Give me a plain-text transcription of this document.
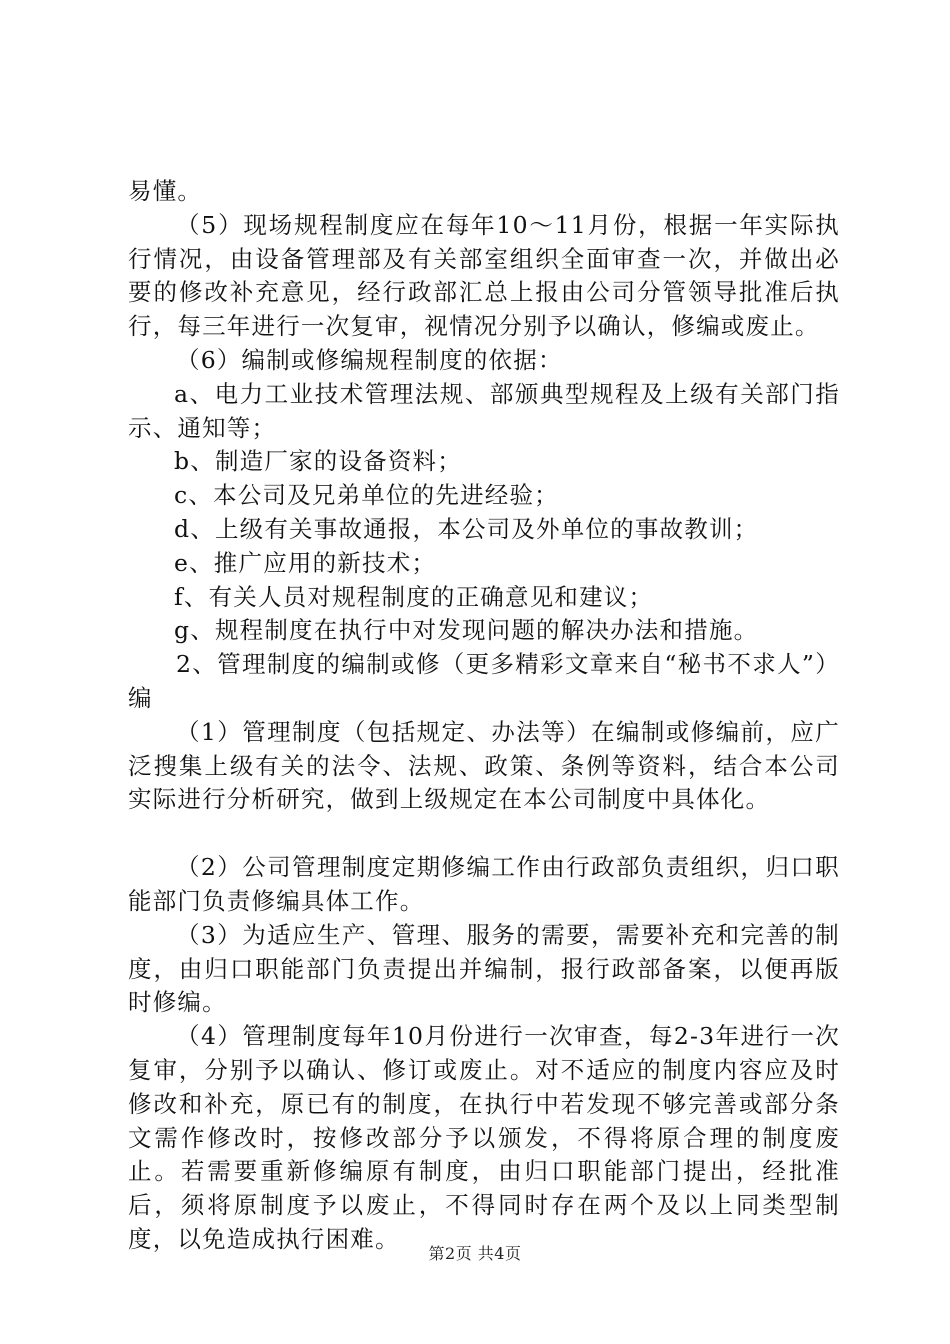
易懂。

（5）现场规程制度应在每年10～11月份，根据一年实际执行情况，由设备管理部及有关部室组织全面审查一次，并做出必要的修改补充意见，经行政部汇总上报由公司分管领导批准后执行，每三年进行一次复审，视情况分别予以确认，修编或废止。

（6）编制或修编规程制度的依据：

a、电力工业技术管理法规、部颁典型规程及上级有关部门指示、通知等；

b、制造厂家的设备资料；

c、本公司及兄弟单位的先进经验；

d、上级有关事故通报，本公司及外单位的事故教训；

e、推广应用的新技术；

f、有关人员对规程制度的正确意见和建议；

g、规程制度在执行中对发现问题的解决办法和措施。

2、管理制度的编制或修（更多精彩文章来自“秘书不求人”）编

（1）管理制度（包括规定、办法等）在编制或修编前，应广泛搜集上级有关的法令、法规、政策、条例等资料，结合本公司实际进行分析研究，做到上级规定在本公司制度中具体化。

（2）公司管理制度定期修编工作由行政部负责组织，归口职能部门负责修编具体工作。

（3）为适应生产、管理、服务的需要，需要补充和完善的制度，由归口职能部门负责提出并编制，报行政部备案，以便再版时修编。

（4）管理制度每年10月份进行一次审查，每2-3年进行一次复审，分别予以确认、修订或废止。对不适应的制度内容应及时修改和补充，原已有的制度，在执行中若发现不够完善或部分条文需作修改时，按修改部分予以颁发，不得将原合理的制度废止。若需要重新修编原有制度，由归口职能部门提出，经批准后，须将原制度予以废止，不得同时存在两个及以上同类型制度，以免造成执行困难。

第2页 共4页
